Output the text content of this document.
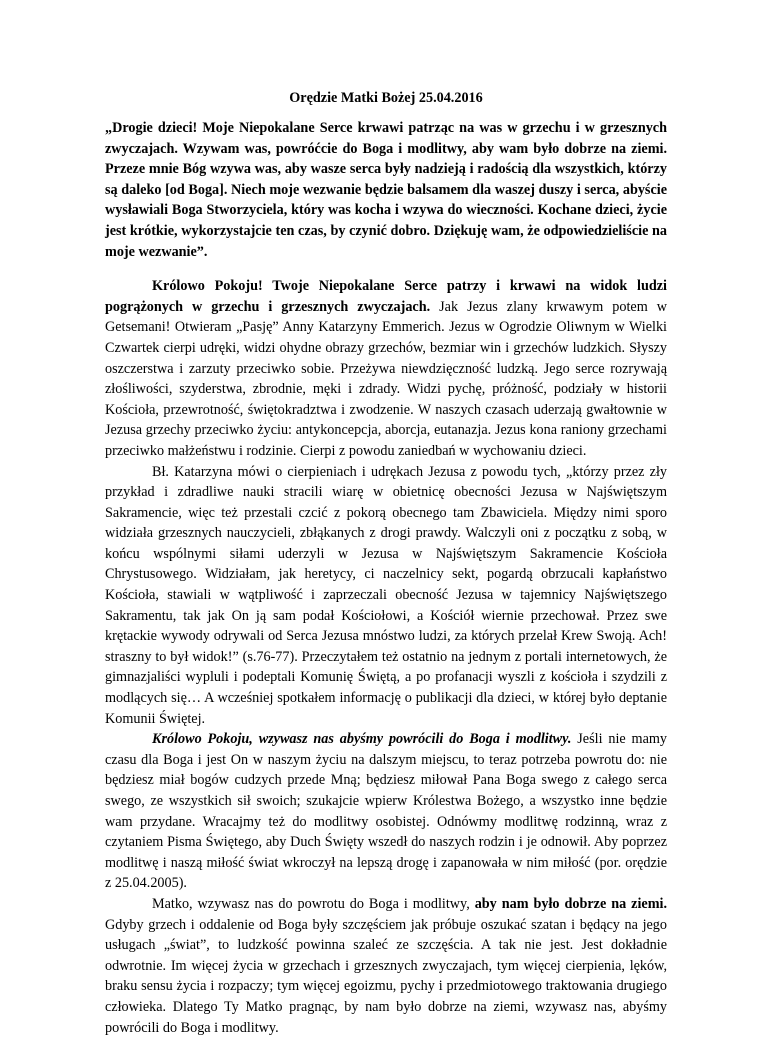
Orędzie Matki Bożej 25.04.2016

„Drogie dzieci! Moje Niepokalane Serce krwawi patrząc na was w grzechu i w grzesznych zwyczajach. Wzywam was, powróćcie do Boga i modlitwy, aby wam było dobrze na ziemi. Przeze mnie Bóg wzywa was, aby wasze serca były nadzieją i radością dla wszystkich, którzy są daleko [od Boga]. Niech moje wezwanie będzie balsamem dla waszej duszy i serca, abyście wysławiali Boga Stworzyciela, który was kocha i wzywa do wieczności. Kochane dzieci, życie jest krótkie, wykorzystajcie ten czas, by czynić dobro. Dziękuję wam, że odpowiedzieliście na moje wezwanie”.

Królowo Pokoju! Twoje Niepokalane Serce patrzy i krwawi na widok ludzi pogrążonych w grzechu i grzesznych zwyczajach. Jak Jezus zlany krwawym potem w Getsemani! Otwieram „Pasję” Anny Katarzyny Emmerich. Jezus w Ogrodzie Oliwnym w Wielki Czwartek cierpi udręki, widzi ohydne obrazy grzechów, bezmiar win i grzechów ludzkich. Słyszy oszczerstwa i zarzuty przeciwko sobie. Przeżywa niewdzięczność ludzką. Jego serce rozrywają złośliwości, szyderstwa, zbrodnie, męki i zdrady. Widzi pychę, próżność, podziały w historii Kościoła, przewrotność, świętokradztwa i zwodzenie. W naszych czasach uderzają gwałtownie w Jezusa grzechy przeciwko życiu: antykoncepcja, aborcja, eutanazja. Jezus kona raniony grzechami przeciwko małżeństwu i rodzinie. Cierpi z powodu zaniedbań w wychowaniu dzieci.

Bł. Katarzyna mówi o cierpieniach i udrękach Jezusa z powodu tych, „którzy przez zły przykład i zdradliwe nauki stracili wiarę w obietnicę obecności Jezusa w Najświętszym Sakramencie, więc też przestali czcić z pokorą obecnego tam Zbawiciela. Między nimi sporo widziała grzesznych nauczycieli, zbłąkanych z drogi prawdy. Walczyli oni z początku z sobą, w końcu wspólnymi siłami uderzyli w Jezusa w Najświętszym Sakramencie Kościoła Chrystusowego. Widziałam, jak heretycy, ci naczelnicy sekt, pogardą obrzucali kapłaństwo Kościoła, stawiali w wątpliwość i zaprzeczali obecność Jezusa w tajemnicy Najświętszego Sakramentu, tak jak On ją sam podał Kościołowi, a Kościół wiernie przechował. Przez swe krętackie wywody odrywali od Serca Jezusa mnóstwo ludzi, za których przelał Krew Swoją. Ach! straszny to był widok!” (s.76-77). Przeczytałem też ostatnio na jednym z portali internetowych, że gimnazjaliści wypluli i podeptali Komunię Świętą, a po profanacji wyszli z kościoła i szydzili z modlących się… A wcześniej spotkałem informację o publikacji dla dzieci, w której było deptanie Komunii Świętej.

Królowo Pokoju, wzywasz nas abyśmy powrócili do Boga i modlitwy. Jeśli nie mamy czasu dla Boga i jest On w naszym życiu na dalszym miejscu, to teraz potrzeba powrotu do: nie będziesz miał bogów cudzych przede Mną; będziesz miłował Pana Boga swego z całego serca swego, ze wszystkich sił swoich; szukajcie wpierw Królestwa Bożego, a wszystko inne będzie wam przydane. Wracajmy też do modlitwy osobistej. Odnówmy modlitwę rodzinną, wraz z czytaniem Pisma Świętego, aby Duch Święty wszedł do naszych rodzin i je odnowił. Aby poprzez modlitwę i naszą miłość świat wkroczył na lepszą drogę i zapanowała w nim miłość (por. orędzie z 25.04.2005).

Matko, wzywasz nas do powrotu do Boga i modlitwy, aby nam było dobrze na ziemi. Gdyby grzech i oddalenie od Boga były szczęściem jak próbuje oszukać szatan i będący na jego usługach „świat”, to ludzkość powinna szaleć ze szczęścia. A tak nie jest. Jest dokładnie odwrotnie. Im więcej życia w grzechach i grzesznych zwyczajach, tym więcej cierpienia, lęków, braku sensu życia i rozpaczy; tym więcej egoizmu, pychy i przedmiotowego traktowania drugiego człowieka. Dlatego Ty Matko pragnąc, by nam było dobrze na ziemi, wzywasz nas, abyśmy powrócili do Boga i modlitwy.
